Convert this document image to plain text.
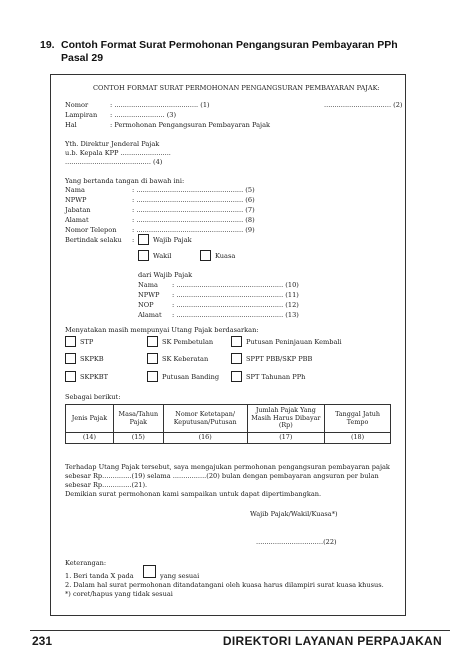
19. Contoh Format Surat Permohonan Pengangsuran Pembayaran PPh
Pasal 29
CONTOH FORMAT SURAT PERMOHONAN PENGANGSURAN PEMBAYARAN PAJAK:
Nomor	: ........................................ (1)	................................ (2)
Lampiran : ........................ (3)
Hal	: Permohonan Pengangsuran Pembayaran Pajak
Yth. Direktur Jenderal Pajak
u.b. Kepala KPP ........................
......................................... (4)
Yang bertanda tangan di bawah ini:
Nama	: ................................................... (5)
NPWP	: ................................................... (6)
Jabatan	: ................................................... (7)
Alamat	: ................................................... (8)
Nomor Telepon : ................................................... (9)
Bertindak selaku :	Wajib Pajak
Wakil	Kuasa
dari Wajib Pajak
Nama : ................................................... (10)
NPWP : ................................................... (11)
NOP	: ................................................... (12)
Alamat : ................................................... (13)
Menyatakan masih mempunyai Utang Pajak berdasarkan:
STP	SK Pembetulan	Putusan Peninjauan Kembali
SKPKB	SK Keberatan	SPPT PBB/SKP PBB
SKPKBT	Putusan Banding	SPT Tahunan PPh
Sebagai berikut:
Jenis Pajak	Masa/Tahun Pajak	Nomor Ketetapan/ Keputusan/Putusan	Jumlah Pajak Yang Masih Harus Dibayar (Rp)	Tanggal Jatuh Tempo
(14)	(15)	(16)	(17)	(18)
Terhadap Utang Pajak tersebut, saya mengajukan permohonan pengangsuran pembayaran pajak
sebesar Rp..............(19) selama ................(20) bulan dengan pembayaran angsuran per bulan
sebesar Rp..............(21).
Demikian surat permohonan kami sampaikan untuk dapat dipertimbangkan.
Wajib Pajak/Wakil/Kuasa*)
................................(22)
Keterangan:
1. Beri tanda X pada	yang sesuai
2. Dalam hal surat permohonan ditandatangani oleh kuasa harus dilampiri surat kuasa khusus.
*) coret/hapus yang tidak sesuai
231	DIREKTORI LAYANAN PERPAJAKAN
